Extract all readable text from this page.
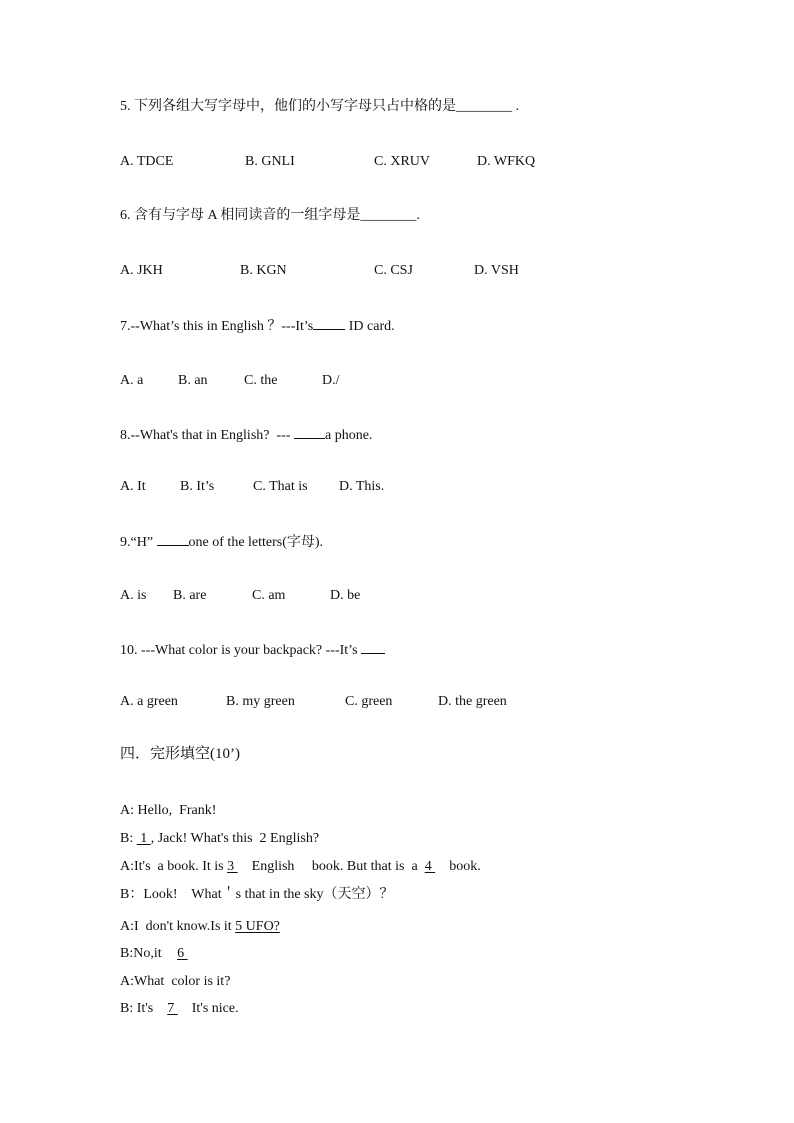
5. 下列各组大写字母中，他们的小写字母只占中格的是________ .
A. TDCE	B. GNLI	C. XRUV	D. WFKQ
6. 含有与字母 A 相同读音的一组字母是________.
A. JKH	B. KGN	C. CSJ	D. VSH
7.--What’s this in English ？---It’s ID card.
A. a B. an	C. the	D./
8.--What's that in English?  --- a phone.
A. It B. It’s	C. That is D. This.
9.“H” one of the letters(字母).
A. is B. are	C. am	D. be
10. ---What color is your backpack? ---It’s
A. a green	B. my green	C. green	D. the green
四．完形填空(10’)
A: Hello,  Frank!
B:  1 , Jack! What's this  2 English?
A:It's  a book. It is 3 English     book. But that is  a  4 book.
B：Look!    What＇s that in the sky（天空）？
A:I  don't know.Is it 5 UFO?
B:No,it 6
A:What  color is it?
B: It's 7 It's nice.
